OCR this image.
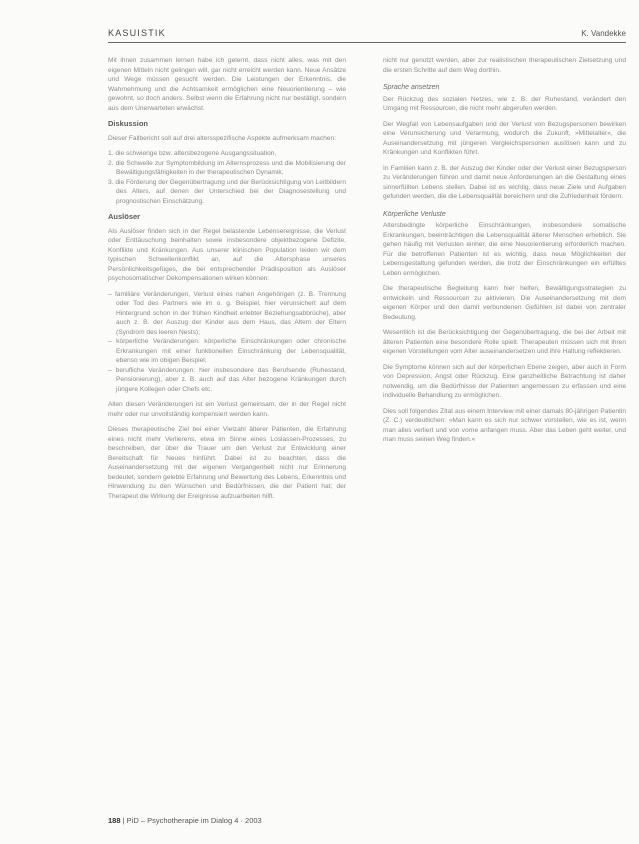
KASUISTIK	K. Vandekke

Mit ihnen zusammen lernen habe ich gelernt, dass nicht alles, was mit den eigenen Mitteln nicht gelingen will, gar nicht erreicht werden kann. Neue Ansätze und Wege müssen gesucht werden. Die Leistungen der Erkenntnis, die Wahrnehmung und die Achtsamkeit ermöglichen eine Neuorientierung – wie gewohnt, so doch anders. Selbst wenn die Erfahrung nicht nur bestätigt, sondern aus dem Unerwarteten erwächst.

Diskussion

Dieser Fallbericht soll auf drei altersspezifische Aspekte aufmerksam machen:

1. die schwierige bzw. altersbezogene Ausgangssituation,
2. die Schwelle zur Symptombildung im Alternsprozess und die Mobilisierung der Bewältigungsfähigkeiten in der therapeutischen Dynamik,
3. die Förderung der Gegenübertragung und der Berücksichtigung von Leitbildern des Alters, auf denen der Unterschied bei der Diagnosestellung und prognostischen Einschätzung.
Auslöser

Als Auslöser finden sich in der Regel belastende Lebensereignisse, die Verlust oder Enttäuschung beinhalten sowie insbesondere objektbezogene Defizite, Konflikte und Kränkungen. Aus unserer klinischen Population leiden wir dem typischen Schwellenkonflikt an, auf die Altersphase unseres Persönlichkeitsgefüges, die bei entsprechender Prädisposition als Auslöser psychosomatischer Dekompensationen wirken können:

– familiäre Veränderungen, Verlust eines nahen Angehörigen (z. B. Trennung oder Tod des Partners wie im o. g. Beispiel, hier verunsichert auf dem Hintergrund schon in der frühen Kindheit erlebter Beziehungsabbrüche), aber auch z. B. der Auszug der Kinder aus dem Haus, das Altern der Eltern (Syndrom des leeren Nests);
– körperliche Veränderungen: körperliche Einschränkungen oder chronische Erkrankungen mit einer funktionellen Einschränkung der Lebensqualität, ebenso wie im obigen Beispiel;
– berufliche Veränderungen: hier insbesondere das Berufsende (Ruhestand, Pensionierung), aber z. B. auch auf das Alter bezogene Kränkungen durch jüngere Kollegen oder Chefs etc.

Allen diesen Veränderungen ist ein Verlust gemeinsam, der in der Regel nicht mehr oder nur unvollständig kompensiert werden kann.

Dieses therapeutische Ziel bei einer Vielzahl älterer Patienten, die Erfahrung eines nicht mehr Verlierens, etwa im Sinne eines Loslassen-Prozesses, zu beschreiben, der über die Trauer um den Verlust zur Entwicklung einer Bereitschaft für Neues hinführt. Dabei ist zu beachten, dass die Auseinandersetzung mit der eigenen Vergangenheit nicht nur Erinnerung bedeutet, sondern gelebte Erfahrung und Bewertung des Lebens, Erkenntnis und Hinwendung zu den Wünschen und Bedürfnissen, die der Patient hat; der Therapeut die Wirkung der Ereignisse aufzuarbeiten hilft.

nicht nur genutzt werden, aber zur realistischen therapeutischen Zielsetzung und die ersten Schritte auf dem Weg dorthin.

Sprache ansetzen

Der Rückzug des sozialen Netzes, wie z. B. der Ruhestand, verändert den Umgang mit Ressourcen, die nicht mehr abgerufen werden.

Der Wegfall von Lebensaufgaben und der Verlust von Bezugspersonen bewirken eine Verunsicherung und Verarmung, wodurch die Zukunft, »Mittelalter«, die Auseinandersetzung mit jüngeren Vergleichspersonen auslösen kann und zu Kränkungen und Konflikten führt.

In Familien kann z. B. der Auszug der Kinder oder der Verlust einer Bezugsperson zu Veränderungen führen und damit neue Anforderungen an die Gestaltung eines sinnerfüllten Lebens stellen. Dabei ist es wichtig, dass neue Ziele und Aufgaben gefunden werden, die die Lebensqualität bereichern und die Zufriedenheit fördern.

Körperliche Verluste

Altersbedingte körperliche Einschränkungen, insbesondere somatische Erkrankungen, beeinträchtigen die Lebensqualität älterer Menschen erheblich. Sie gehen häufig mit Verlusten einher, die eine Neuorientierung erforderlich machen. Für die betroffenen Patienten ist es wichtig, dass neue Möglichkeiten der Lebensgestaltung gefunden werden, die trotz der Einschränkungen ein erfülltes Leben ermöglichen.

Die therapeutische Begleitung kann hier helfen, Bewältigungsstrategien zu entwickeln und Ressourcen zu aktivieren. Die Auseinandersetzung mit dem eigenen Körper und den damit verbundenen Gefühlen ist dabei von zentraler Bedeutung.

Wesentlich ist die Berücksichtigung der Gegenübertragung, die bei der Arbeit mit älteren Patienten eine besondere Rolle spielt. Therapeuten müssen sich mit ihren eigenen Vorstellungen vom Alter auseinandersetzen und ihre Haltung reflektieren.

Die Symptome können sich auf der körperlichen Ebene zeigen, aber auch in Form von Depression, Angst oder Rückzug. Eine ganzheitliche Betrachtung ist daher notwendig, um die Bedürfnisse der Patienten angemessen zu erfassen und eine individuelle Behandlung zu ermöglichen.

Dies soll folgendes Zitat aus einem Interview mit einer damals 80-jährigen Patientin (Z. C.) verdeutlichen: »Man kann es sich nur schwer vorstellen, wie es ist, wenn man alles verliert und von vorne anfangen muss. Aber das Leben geht weiter, und man muss seinen Weg finden.«

188 | PiD – Psychotherapie im Dialog 4 · 2003
